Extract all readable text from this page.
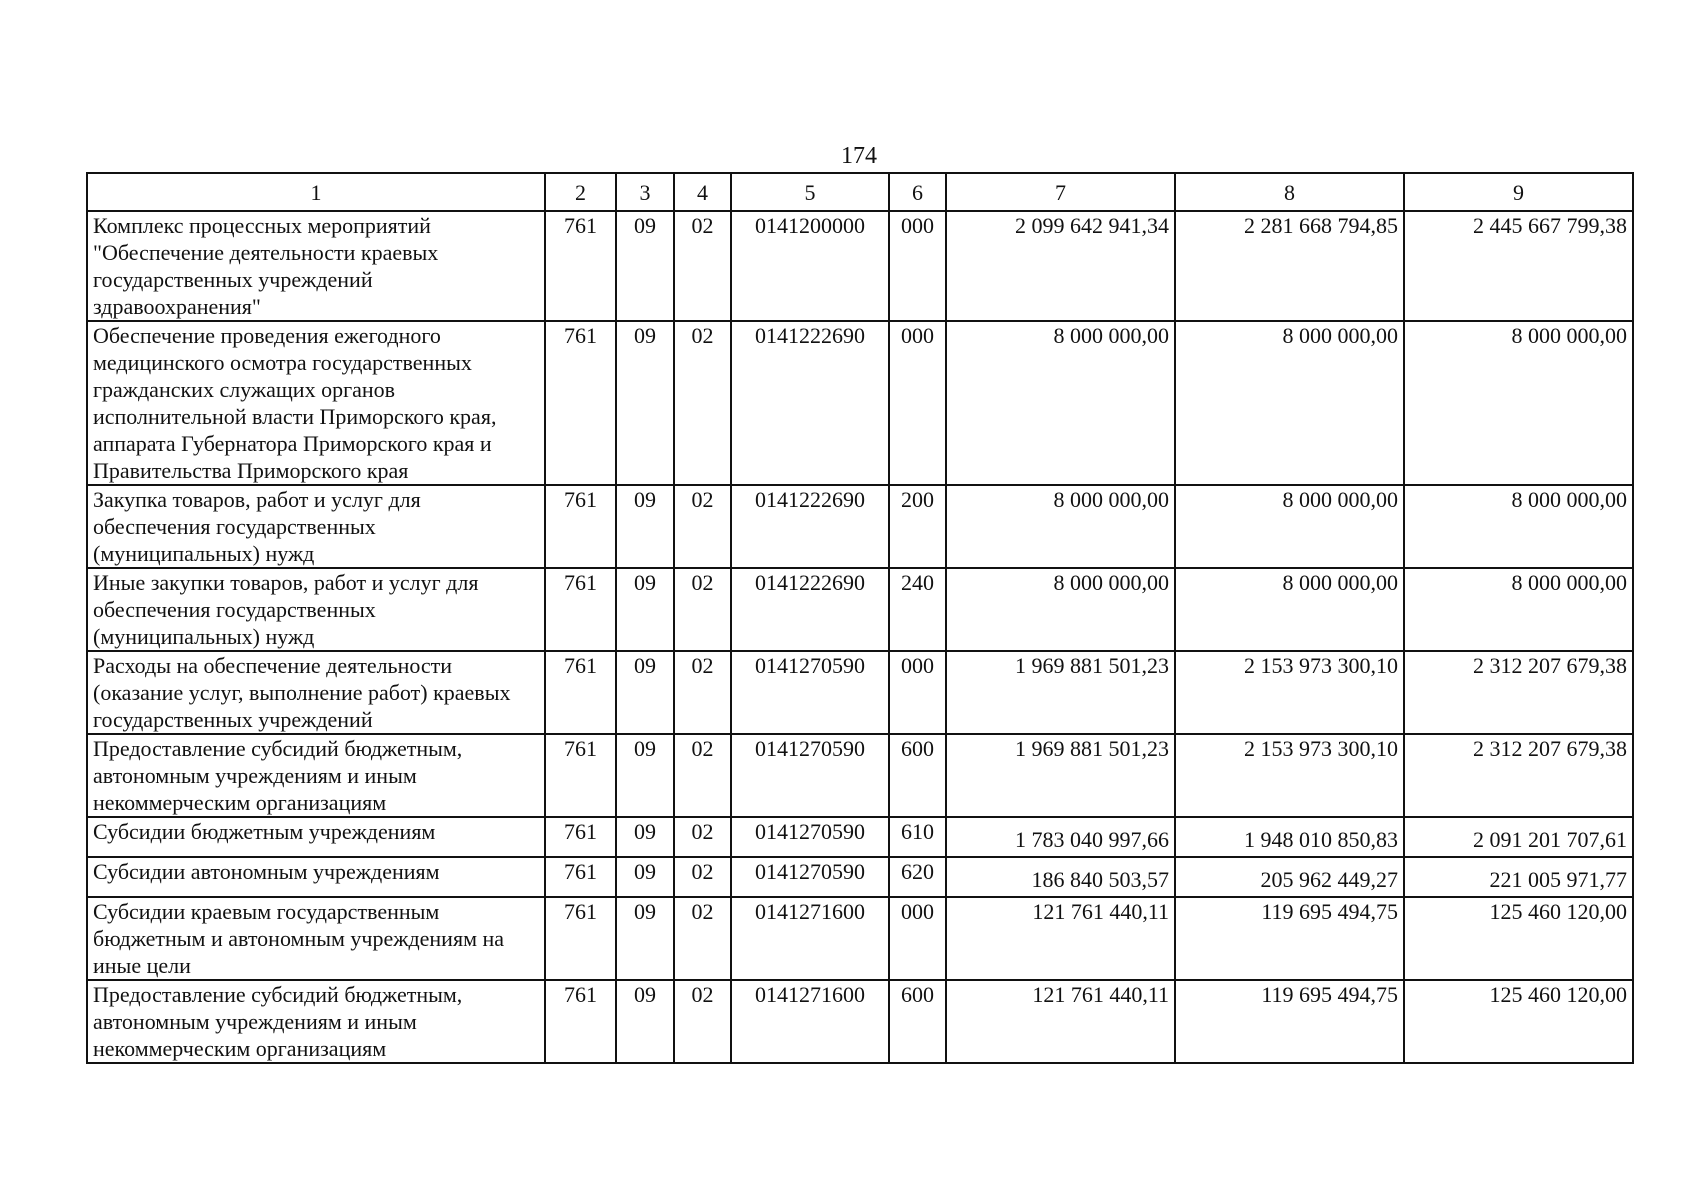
174
1	2	3	4	5	6	7	8	9
Комплекс процессных мероприятий "Обеспечение деятельности краевых государственных учреждений здравоохранения"	761	09	02	0141200000	000	2 099 642 941,34	2 281 668 794,85	2 445 667 799,38
Обеспечение проведения ежегодного медицинского осмотра государственных гражданских служащих органов исполнительной власти Приморского края, аппарата Губернатора Приморского края и Правительства Приморского края	761	09	02	0141222690	000	8 000 000,00	8 000 000,00	8 000 000,00
Закупка товаров, работ и услуг для обеспечения государственных (муниципальных) нужд	761	09	02	0141222690	200	8 000 000,00	8 000 000,00	8 000 000,00
Иные закупки товаров, работ и услуг для обеспечения государственных (муниципальных) нужд	761	09	02	0141222690	240	8 000 000,00	8 000 000,00	8 000 000,00
Расходы на обеспечение деятельности (оказание услуг, выполнение работ) краевых государственных учреждений	761	09	02	0141270590	000	1 969 881 501,23	2 153 973 300,10	2 312 207 679,38
Предоставление субсидий бюджетным, автономным учреждениям и иным некоммерческим организациям	761	09	02	0141270590	600	1 969 881 501,23	2 153 973 300,10	2 312 207 679,38
Субсидии бюджетным учреждениям	761	09	02	0141270590	610	1 783 040 997,66	1 948 010 850,83	2 091 201 707,61
Субсидии автономным учреждениям	761	09	02	0141270590	620	186 840 503,57	205 962 449,27	221 005 971,77
Субсидии краевым государственным бюджетным и автономным учреждениям на иные цели	761	09	02	0141271600	000	121 761 440,11	119 695 494,75	125 460 120,00
Предоставление субсидий бюджетным, автономным учреждениям и иным некоммерческим организациям	761	09	02	0141271600	600	121 761 440,11	119 695 494,75	125 460 120,00
